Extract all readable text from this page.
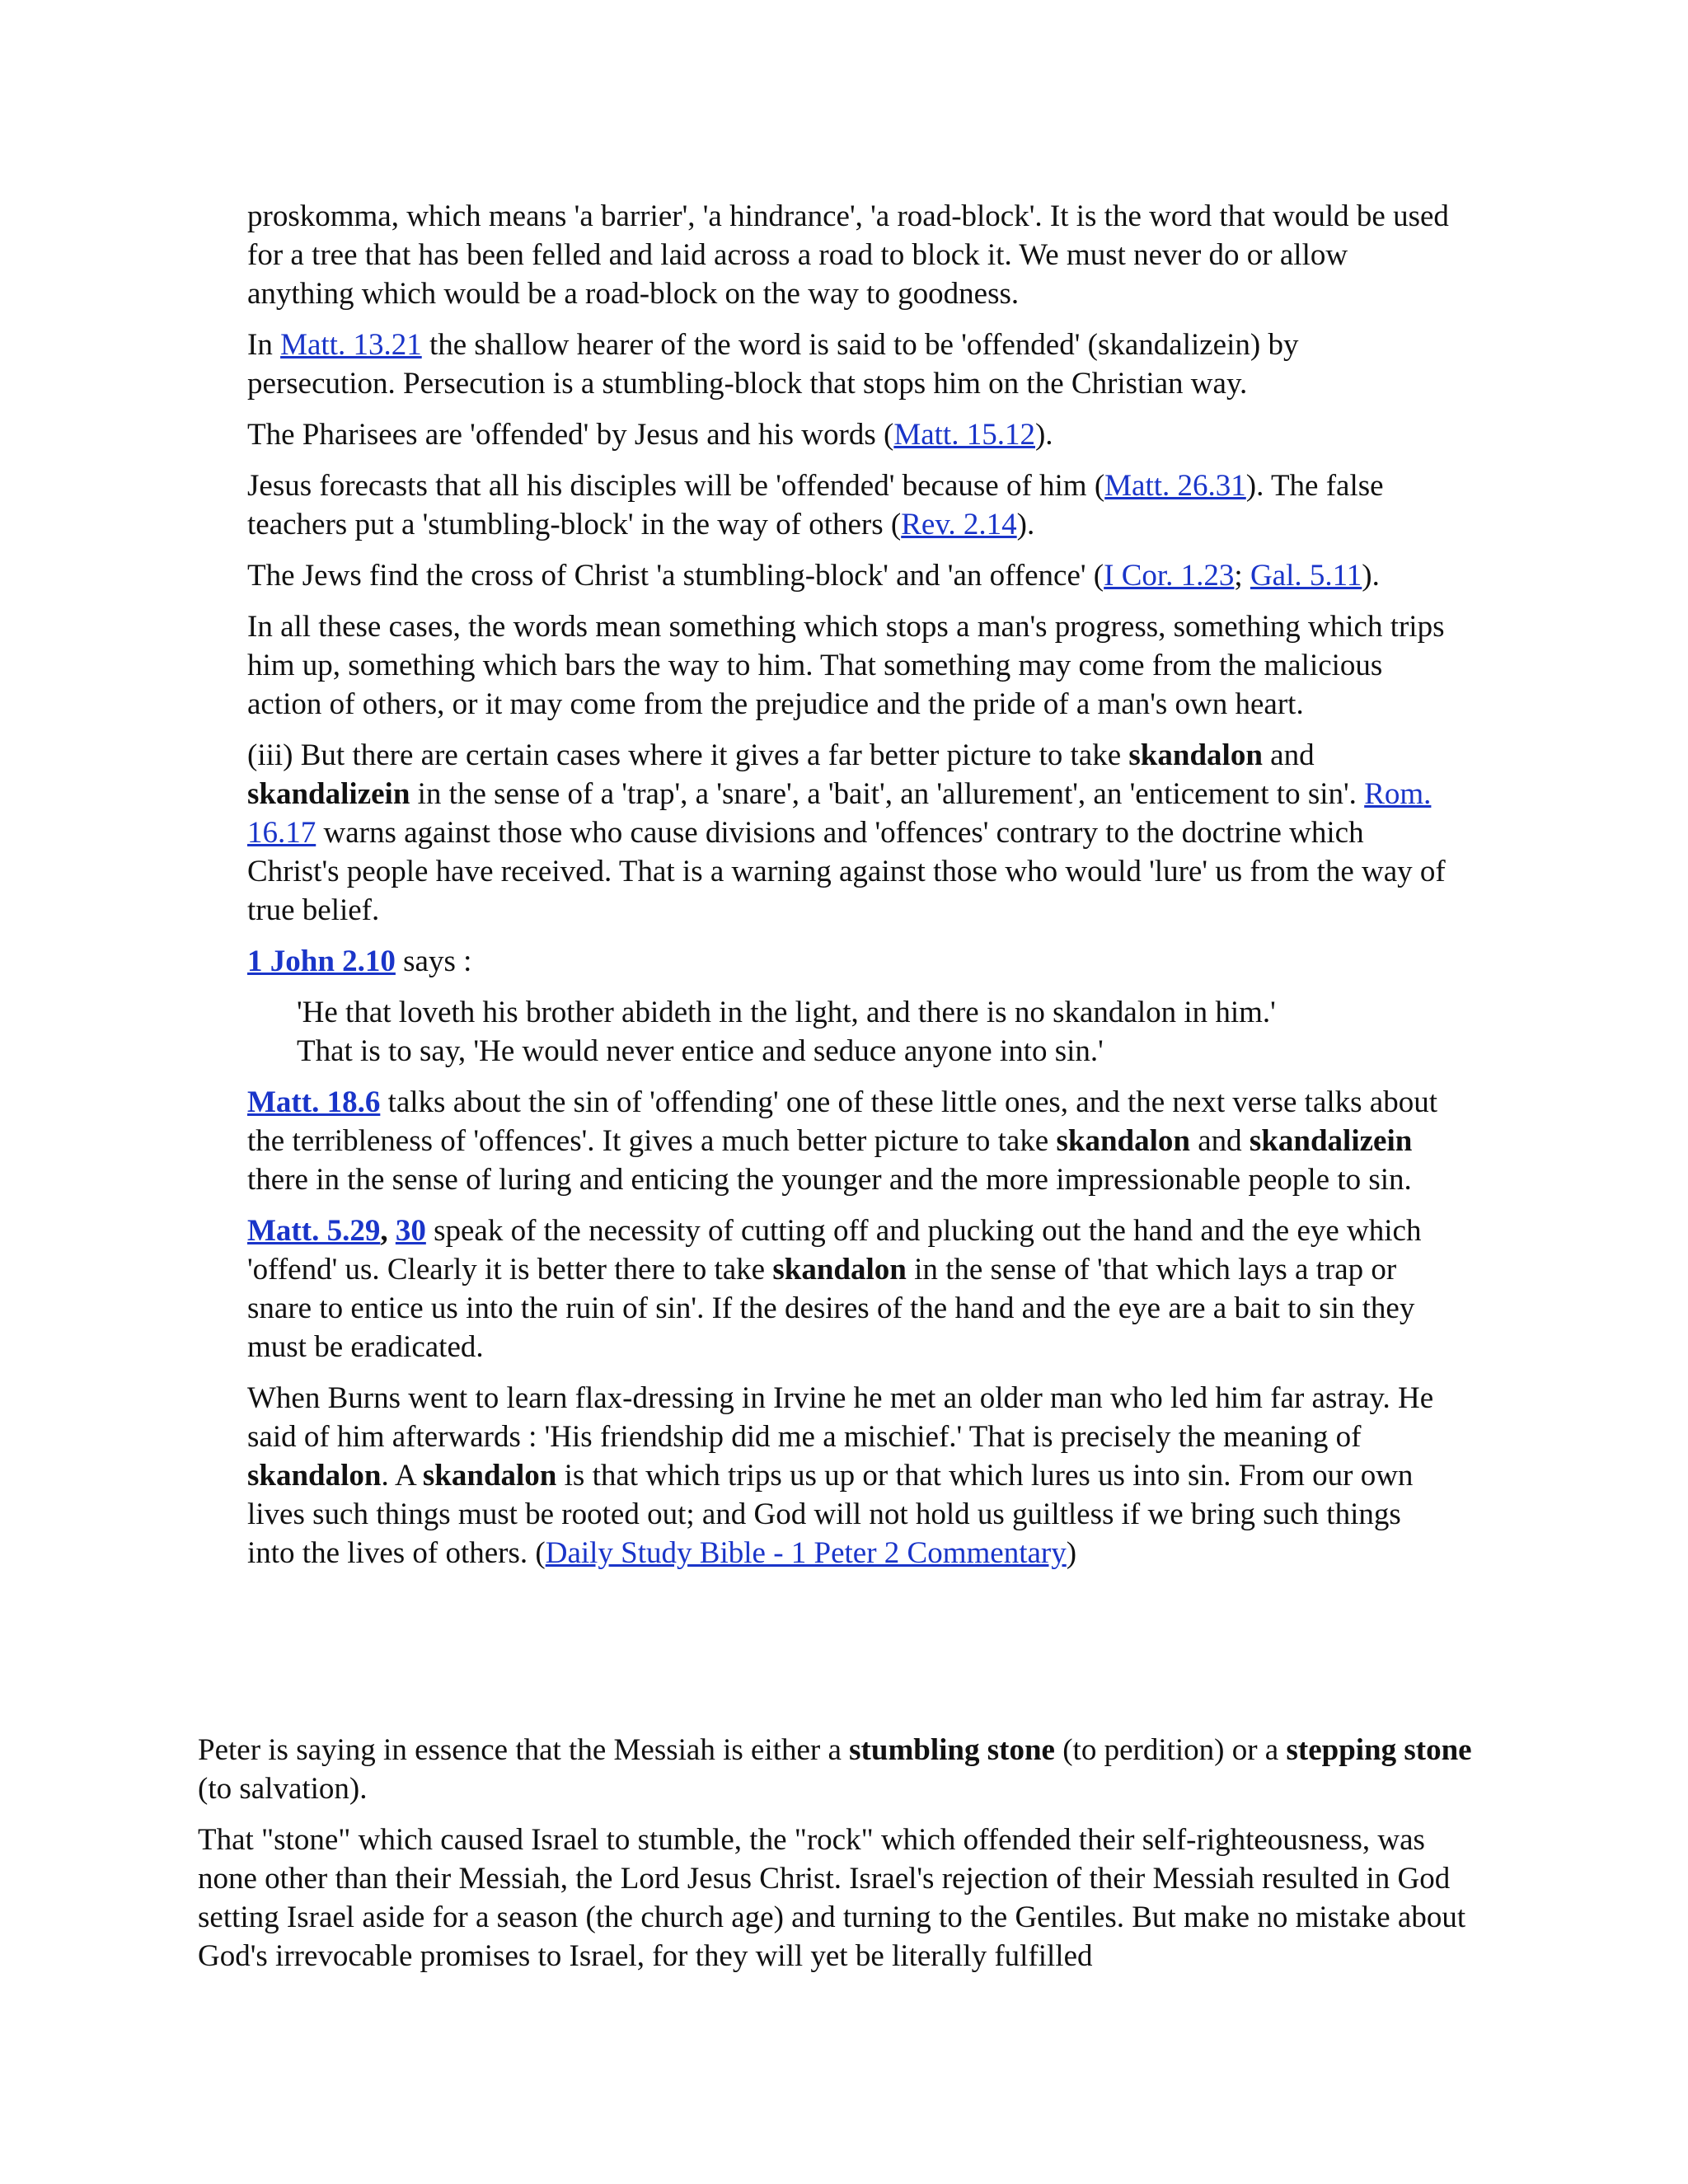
proskomma, which means 'a barrier', 'a hindrance', 'a road-block'. It is the word that would be used for a tree that has been felled and laid across a road to block it. We must never do or allow anything which would be a road-block on the way to goodness.

In Matt. 13.21 the shallow hearer of the word is said to be 'offended' (skandalizein) by persecution. Persecution is a stumbling-block that stops him on the Christian way.

The Pharisees are 'offended' by Jesus and his words (Matt. 15.12).

Jesus forecasts that all his disciples will be 'offended' because of him (Matt. 26.31). The false teachers put a 'stumbling-block' in the way of others (Rev. 2.14).

The Jews find the cross of Christ 'a stumbling-block' and 'an offence' (I Cor. 1.23; Gal. 5.11).

In all these cases, the words mean something which stops a man's progress, something which trips him up, something which bars the way to him. That something may come from the malicious action of others, or it may come from the prejudice and the pride of a man's own heart.

(iii) But there are certain cases where it gives a far better picture to take skandalon and skandalizein in the sense of a 'trap', a 'snare', a 'bait', an 'allurement', an 'enticement to sin'. Rom. 16.17 warns against those who cause divisions and 'offences' contrary to the doctrine which Christ's people have received. That is a warning against those who would 'lure' us from the way of true belief.

1 John 2.10 says :

'He that loveth his brother abideth in the light, and there is no skandalon in him.'

That is to say, 'He would never entice and seduce anyone into sin.'

Matt. 18.6 talks about the sin of 'offending' one of these little ones, and the next verse talks about the terribleness of 'offences'. It gives a much better picture to take skandalon and skandalizein there in the sense of luring and enticing the younger and the more impressionable people to sin.

Matt. 5.29, 30 speak of the necessity of cutting off and plucking out the hand and the eye which 'offend' us. Clearly it is better there to take skandalon in the sense of 'that which lays a trap or snare to entice us into the ruin of sin'. If the desires of the hand and the eye are a bait to sin they must be eradicated.

When Burns went to learn flax-dressing in Irvine he met an older man who led him far astray. He said of him afterwards : 'His friendship did me a mischief.' That is precisely the meaning of skandalon. A skandalon is that which trips us up or that which lures us into sin. From our own lives such things must be rooted out; and God will not hold us guiltless if we bring such things into the lives of others. (Daily Study Bible - 1 Peter 2 Commentary)

Peter is saying in essence that the Messiah is either a stumbling stone (to perdition) or a stepping stone (to salvation).

That "stone" which caused Israel to stumble, the "rock" which offended their self-righteousness, was none other than their Messiah, the Lord Jesus Christ. Israel's rejection of their Messiah resulted in God setting Israel aside for a season (the church age) and turning to the Gentiles. But make no mistake about God's irrevocable promises to Israel, for they will yet be literally fulfilled
